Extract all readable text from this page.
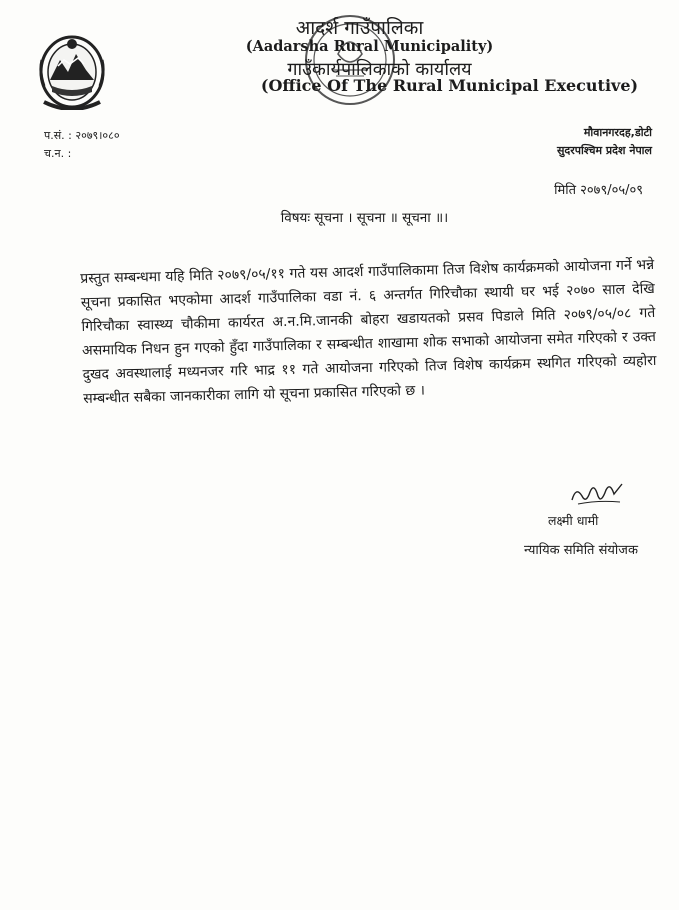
आदर्श गाउँपालिका
(Aadarsha Rural Municipality)
गाउँकार्यपालिकाको कार्यालय
(Office Of The Rural Municipal Executive)
प.सं. : २०७९।०८०
च.न. :
मौवानगरदह,डोटी
सुदरपश्चिम प्रदेश नेपाल
मिति २०७९/०५/०९
विषयः सूचना । सूचना ॥ सूचना ॥।
प्रस्तुत सम्बन्धमा यहि मिति २०७९/०५/११ गते यस आदर्श गाउँपालिकामा तिज विशेष कार्यक्रमको आयोजना गर्ने भन्ने सूचना प्रकासित भएकोमा आदर्श गाउँपालिका वडा नं. ६ अन्तर्गत गिरिचौका स्थायी घर भई २०७० साल देखि गिरिचौका स्वास्थ्य चौकीमा कार्यरत अ.न.मि.जानकी बोहरा खडायतको प्रसव पिडाले मिति २०७९/०५/०८ गते असमायिक निधन हुन गएको हुँदा गाउँपालिका र सम्बन्धीत शाखामा शोक सभाको आयोजना समेत गरिएको र उक्त दुखद अवस्थालाई मध्यनजर गरि भाद्र ११ गते आयोजना गरिएको तिज विशेष कार्यक्रम स्थगित गरिएको व्यहोरा सम्बन्धीत सबैका जानकारीका लागि यो सूचना प्रकासित गरिएको छ ।
लक्ष्मी धामी
न्यायिक समिति संयोजक
